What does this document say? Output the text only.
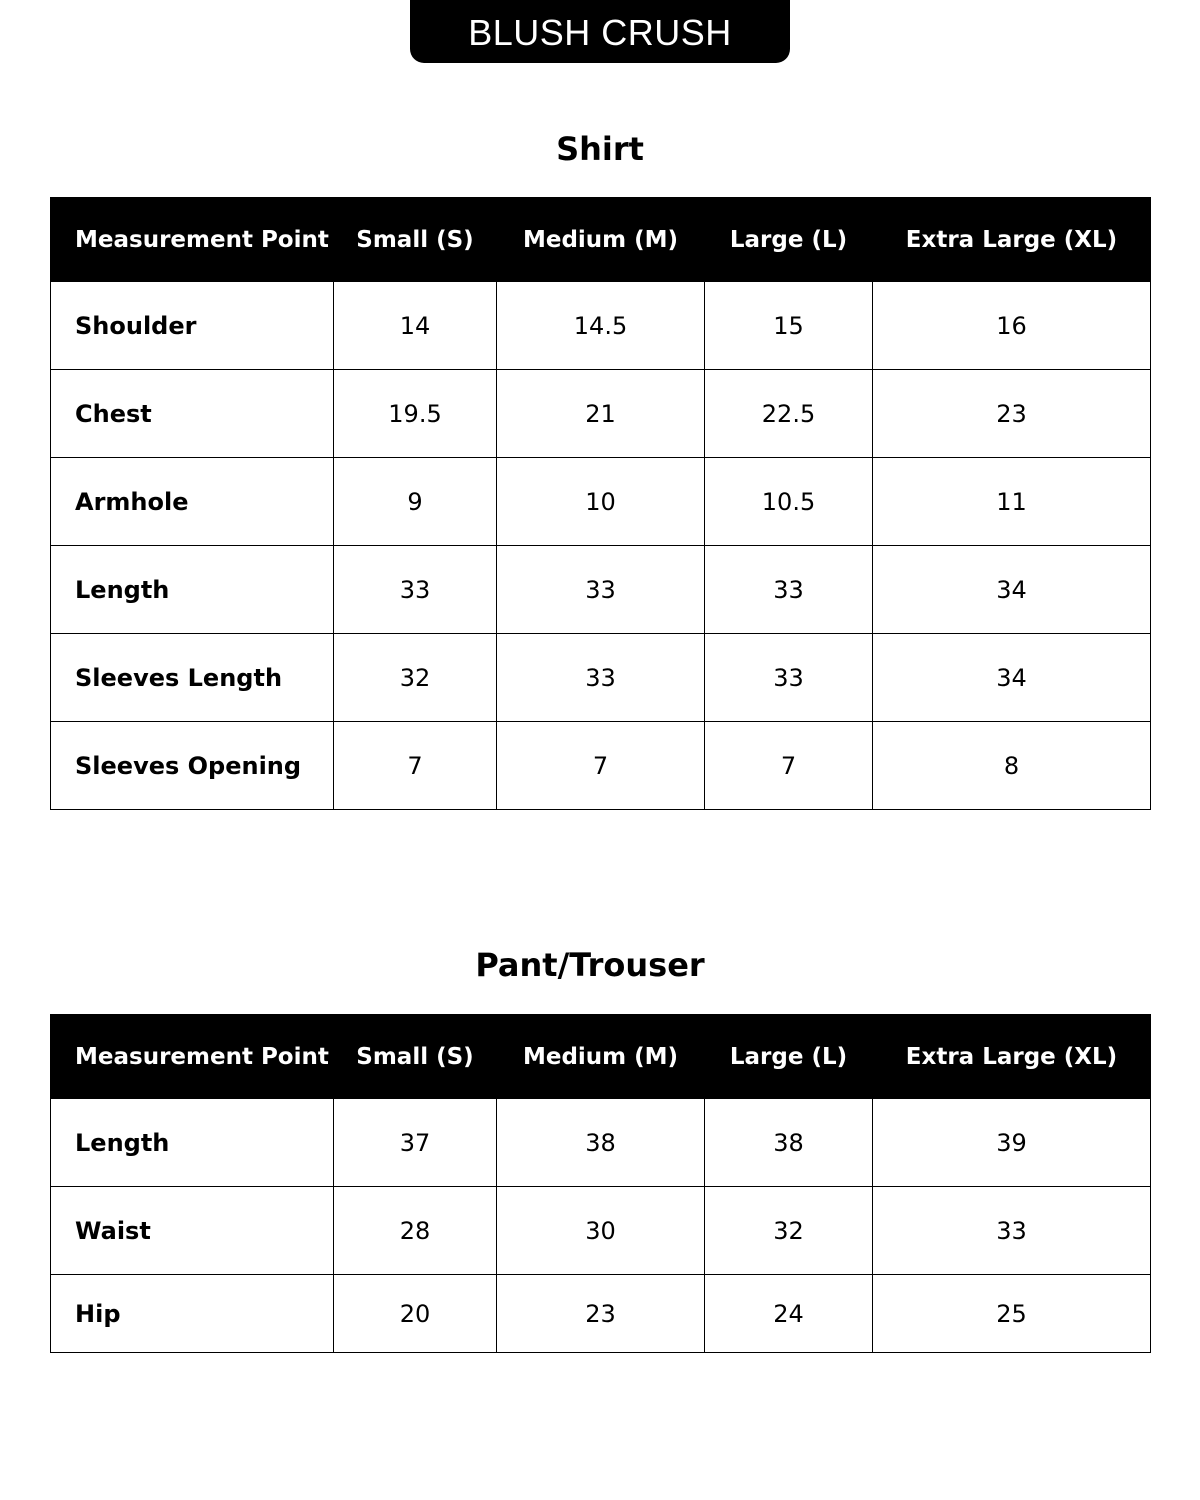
BLUSH CRUSH
Shirt
Measurement Point	Small (S)	Medium (M)	Large (L)	Extra Large (XL)
Shoulder	14	14.5	15	16
Chest	19.5	21	22.5	23
Armhole	9	10	10.5	11
Length	33	33	33	34
Sleeves Length	32	33	33	34
Sleeves Opening	7	7	7	8
Pant/Trouser
Measurement Point	Small (S)	Medium (M)	Large (L)	Extra Large (XL)
Length	37	38	38	39
Waist	28	30	32	33
Hip	20	23	24	25
